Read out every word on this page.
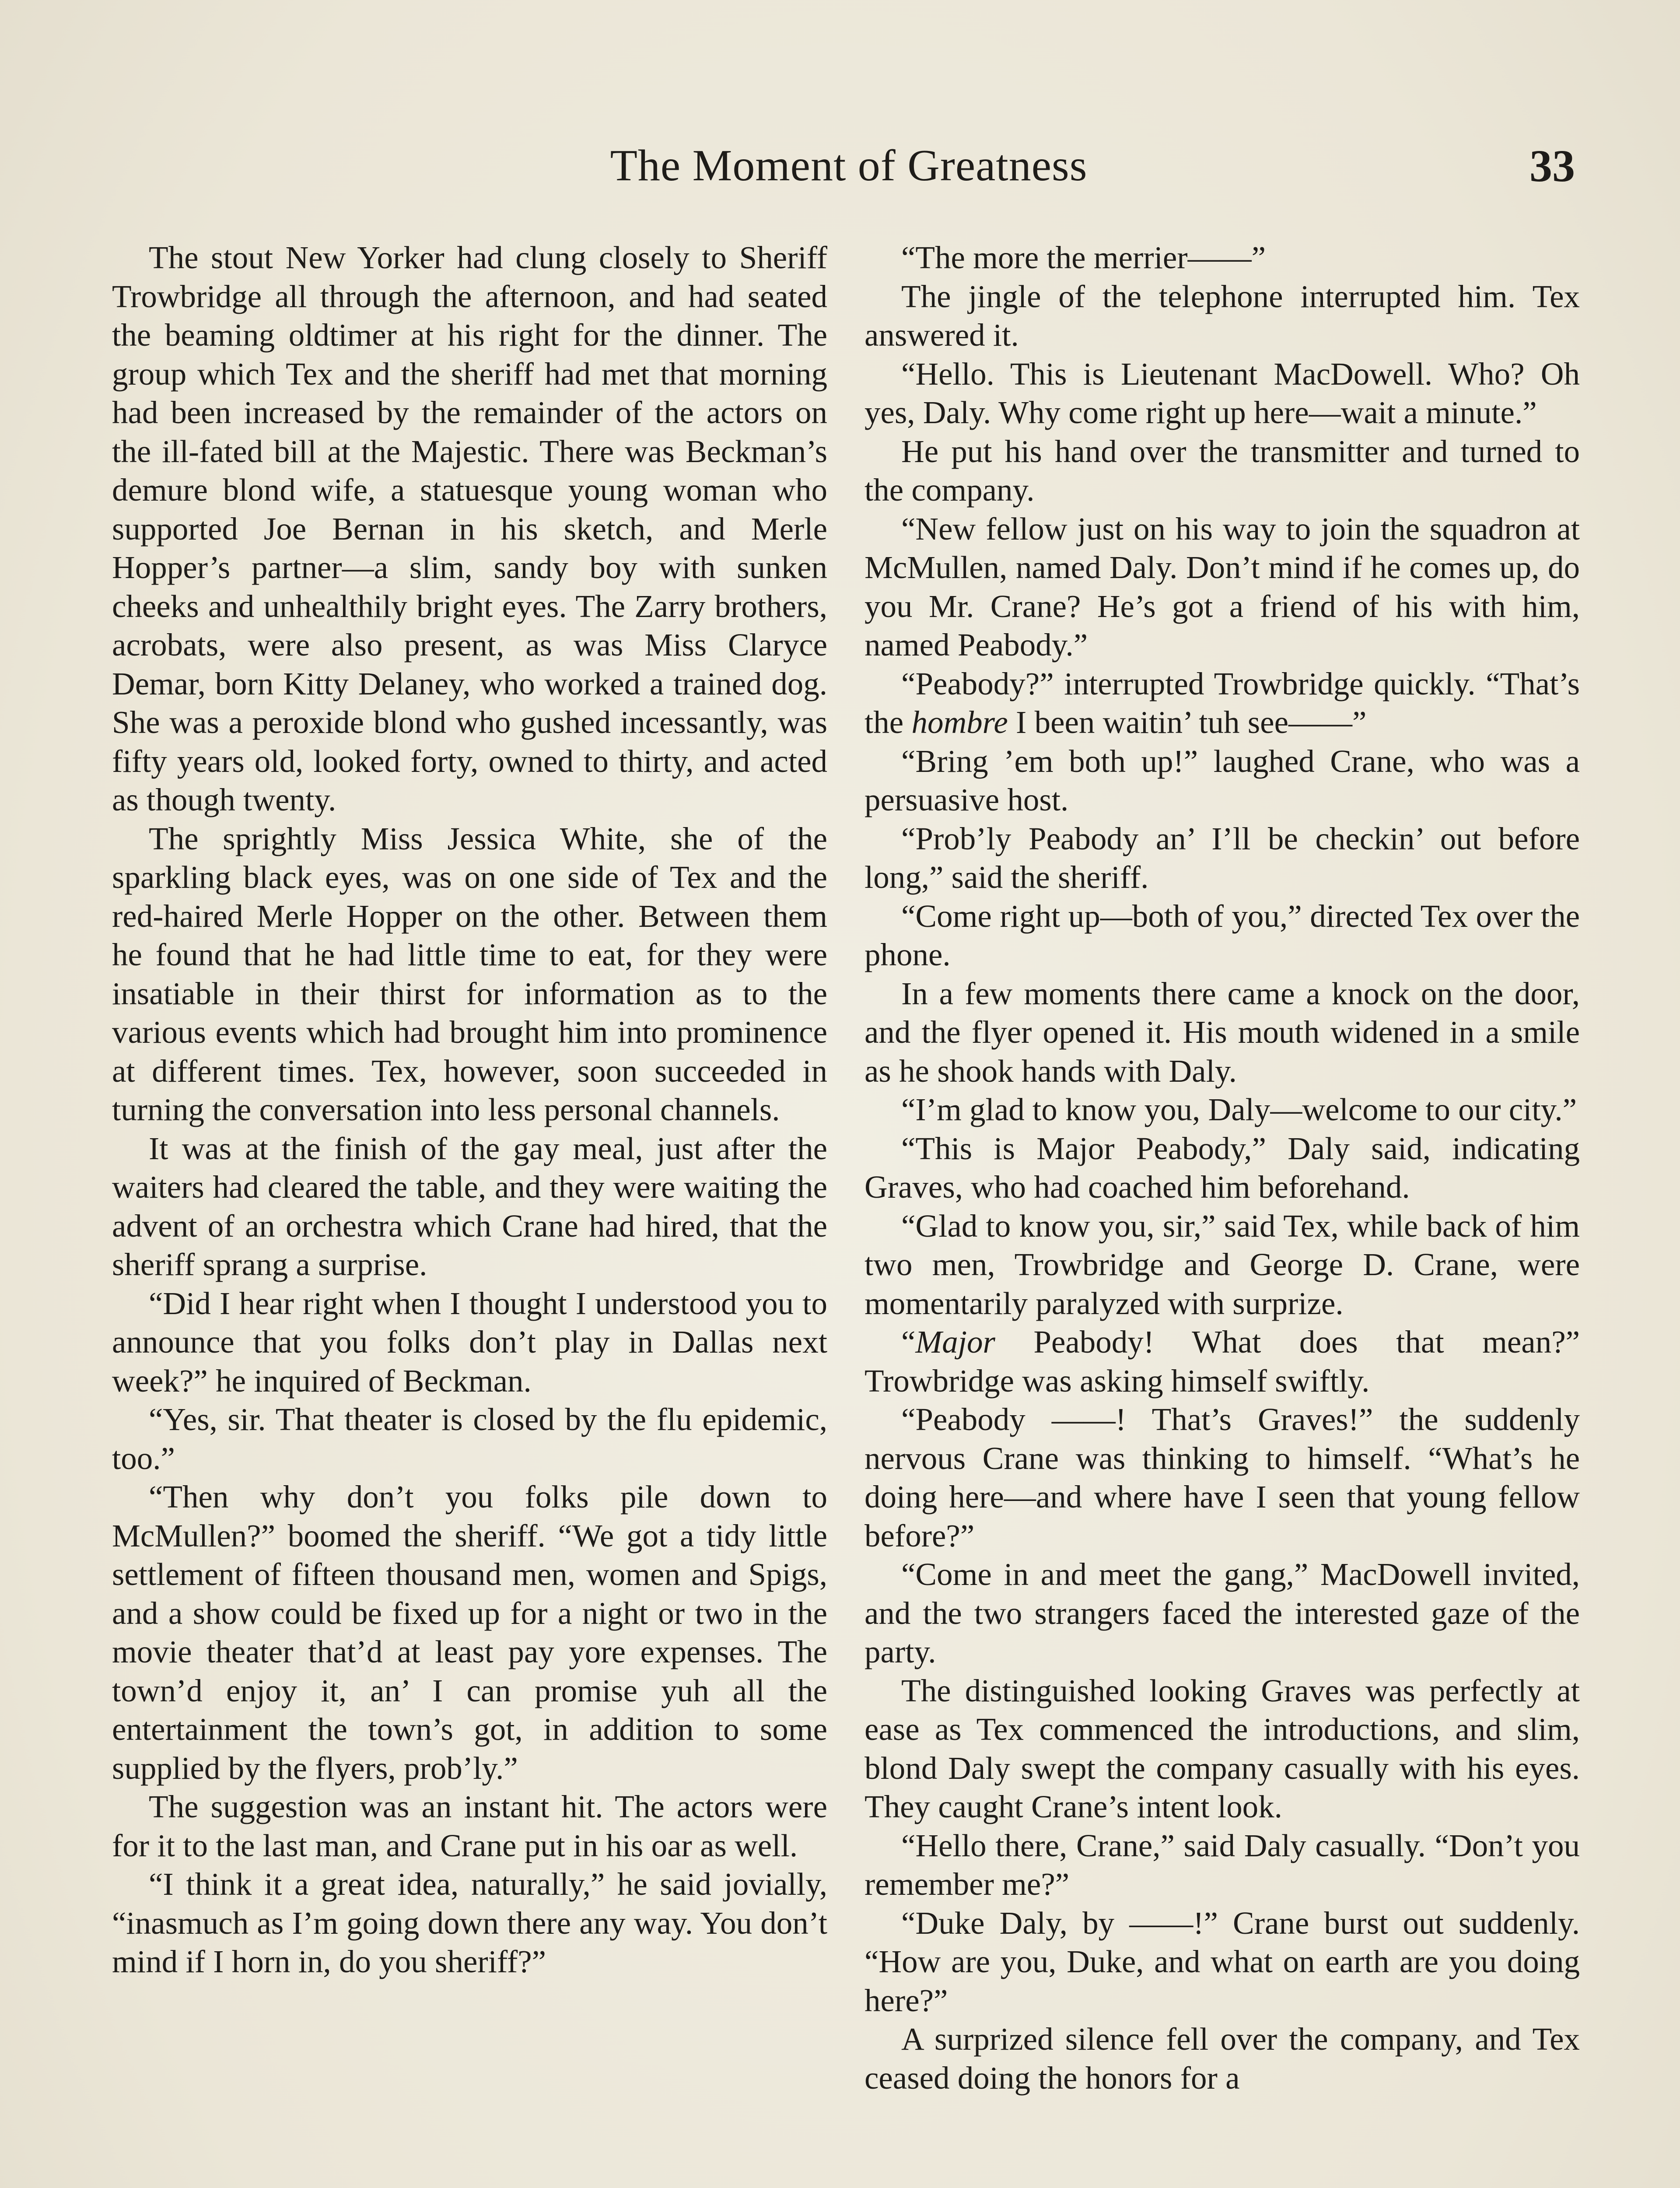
The Moment of Greatness	33

The stout New Yorker had clung closely to Sheriff Trowbridge all through the afternoon, and had seated the beaming oldtimer at his right for the dinner. The group which Tex and the sheriff had met that morning had been increased by the remainder of the actors on the ill-fated bill at the Majestic. There was Beckman’s demure blond wife, a statuesque young woman who supported Joe Bernan in his sketch, and Merle Hopper’s partner—a slim, sandy boy with sunken cheeks and unhealthily bright eyes. The Zarry brothers, acrobats, were also present, as was Miss Claryce Demar, born Kitty Delaney, who worked a trained dog. She was a peroxide blond who gushed incessantly, was fifty years old, looked forty, owned to thirty, and acted as though twenty.

The sprightly Miss Jessica White, she of the sparkling black eyes, was on one side of Tex and the red-haired Merle Hopper on the other. Between them he found that he had little time to eat, for they were insatiable in their thirst for information as to the various events which had brought him into prominence at different times. Tex, however, soon succeeded in turning the conversation into less personal channels.

It was at the finish of the gay meal, just after the waiters had cleared the table, and they were waiting the advent of an orchestra which Crane had hired, that the sheriff sprang a surprise.

“Did I hear right when I thought I understood you to announce that you folks don’t play in Dallas next week?” he inquired of Beckman.

“Yes, sir. That theater is closed by the flu epidemic, too.”

“Then why don’t you folks pile down to McMullen?” boomed the sheriff. “We got a tidy little settlement of fifteen thousand men, women and Spigs, and a show could be fixed up for a night or two in the movie theater that’d at least pay yore expenses. The town’d enjoy it, an’ I can promise yuh all the entertainment the town’s got, in addition to some supplied by the flyers, prob’ly.”

The suggestion was an instant hit. The actors were for it to the last man, and Crane put in his oar as well.

“I think it a great idea, naturally,” he said jovially, “inasmuch as I’m going down there any way. You don’t mind if I horn in, do you sheriff?”

“The more the merrier——”

The jingle of the telephone interrupted him. Tex answered it.

“Hello. This is Lieutenant MacDowell. Who? Oh yes, Daly. Why come right up here—wait a minute.”

He put his hand over the transmitter and turned to the company.

“New fellow just on his way to join the squadron at McMullen, named Daly. Don’t mind if he comes up, do you Mr. Crane? He’s got a friend of his with him, named Peabody.”

“Peabody?” interrupted Trowbridge quickly. “That’s the hombre I been waitin’ tuh see——”

“Bring ’em both up!” laughed Crane, who was a persuasive host.

“Prob’ly Peabody an’ I’ll be checkin’ out before long,” said the sheriff.

“Come right up—both of you,” directed Tex over the phone.

In a few moments there came a knock on the door, and the flyer opened it. His mouth widened in a smile as he shook hands with Daly.

“I’m glad to know you, Daly—welcome to our city.”

“This is Major Peabody,” Daly said, indicating Graves, who had coached him beforehand.

“Glad to know you, sir,” said Tex, while back of him two men, Trowbridge and George D. Crane, were momentarily paralyzed with surprize.

“Major Peabody! What does that mean?” Trowbridge was asking himself swiftly.

“Peabody ——! That’s Graves!” the suddenly nervous Crane was thinking to himself. “What’s he doing here—and where have I seen that young fellow before?”

“Come in and meet the gang,” MacDowell invited, and the two strangers faced the interested gaze of the party.

The distinguished looking Graves was perfectly at ease as Tex commenced the introductions, and slim, blond Daly swept the company casually with his eyes. They caught Crane’s intent look.

“Hello there, Crane,” said Daly casually. “Don’t you remember me?”

“Duke Daly, by ——!” Crane burst out suddenly. “How are you, Duke, and what on earth are you doing here?”

A surprized silence fell over the company, and Tex ceased doing the honors for a
